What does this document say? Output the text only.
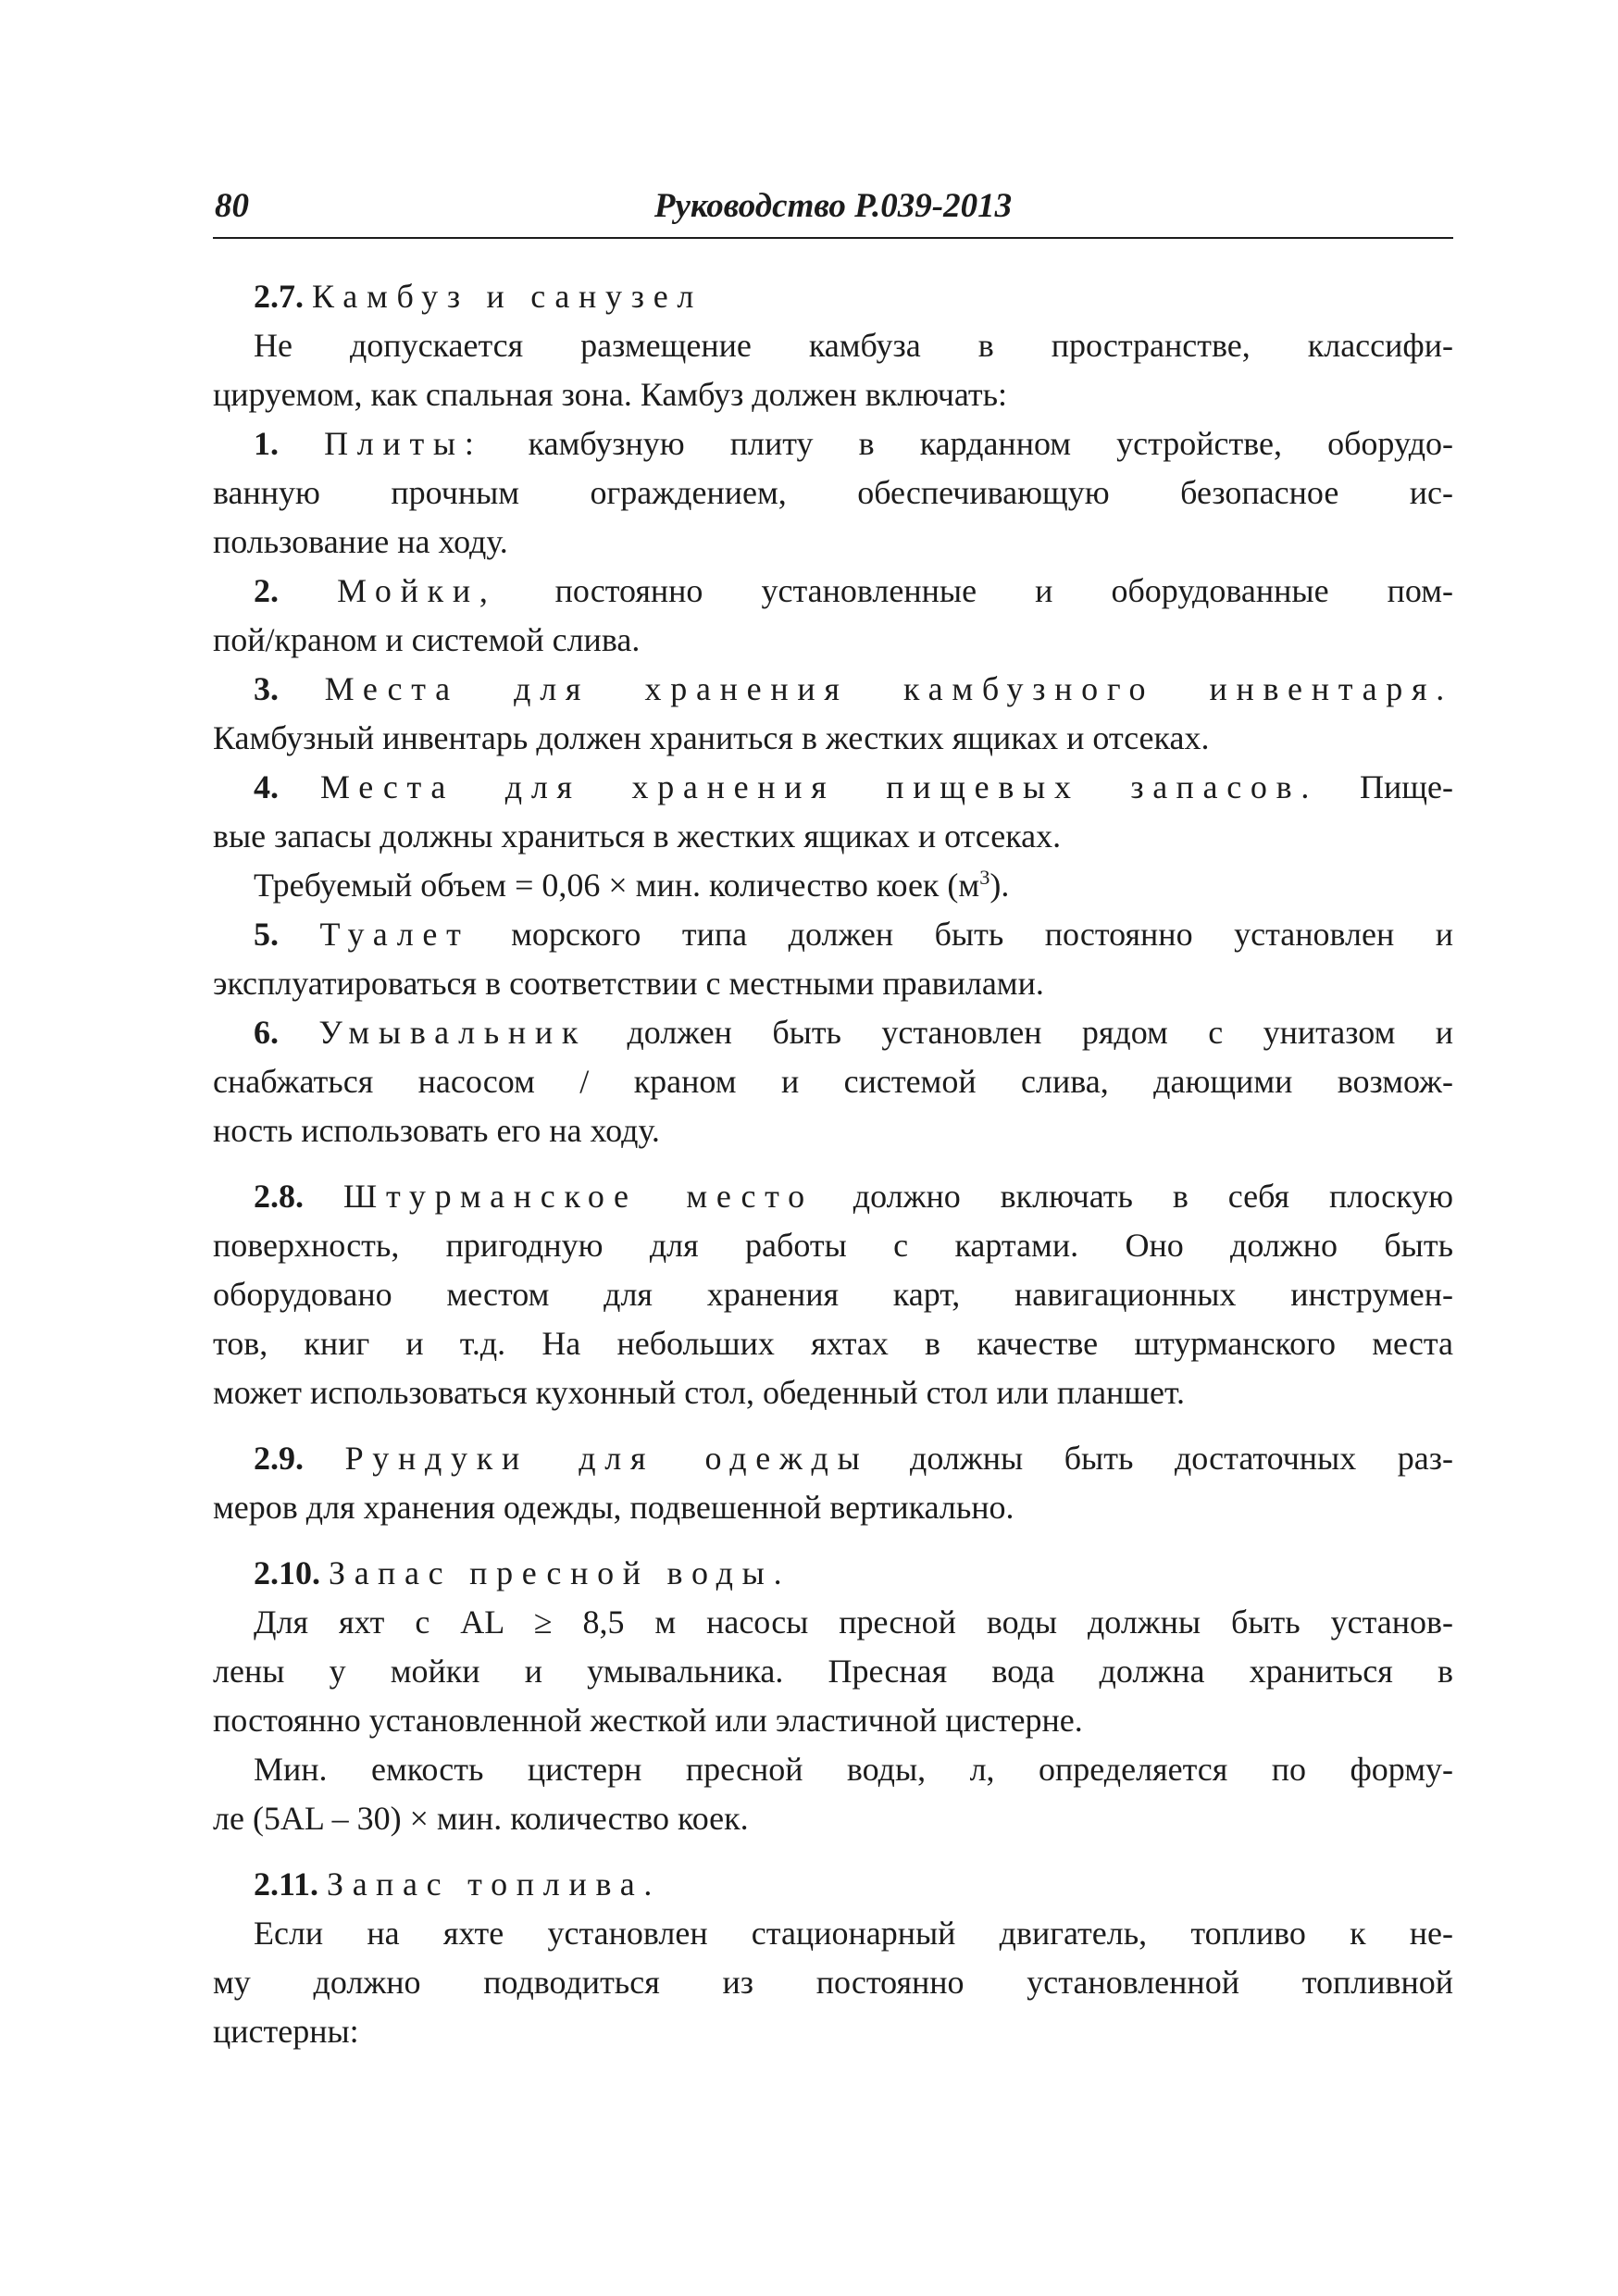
80	Руководство Р.039-2013
2.7. Камбуз и санузел
Не допускается размещение камбуза в пространстве, классифи-
цируемом, как спальная зона. Камбуз должен включать:
1. Плиты: камбузную плиту в карданном устройстве, оборудо-
ванную прочным ограждением, обеспечивающую безопасное ис-
пользование на ходу.
2. Мойки, постоянно установленные и оборудованные пом-
пой/краном и системой слива.
3. Места для хранения камбузного инвентаря.
Камбузный инвентарь должен храниться в жестких ящиках и отсеках.
4. Места для хранения пищевых запасов. Пище-
вые запасы должны храниться в жестких ящиках и отсеках.
Требуемый объем = 0,06 × мин. количество коек $(м^3)$.
5. Туалет морского типа должен быть постоянно установлен и
эксплуатироваться в соответствии с местными правилами.
6. Умывальник должен быть установлен рядом с унитазом и
снабжаться насосом / краном и системой слива, дающими возмож-
ность использовать его на ходу.
2.8. Штурманское место должно включать в себя плоскую
поверхность, пригодную для работы с картами. Оно должно быть
оборудовано местом для хранения карт, навигационных инструмен-
тов, книг и т.д. На небольших яхтах в качестве штурманского места
может использоваться кухонный стол, обеденный стол или планшет.
2.9. Рундуки для одежды должны быть достаточных раз-
меров для хранения одежды, подвешенной вертикально.
2.10. Запас пресной воды.
Для яхт с AL ≥ 8,5 м насосы пресной воды должны быть установ-
лены у мойки и умывальника. Пресная вода должна храниться в
постоянно установленной жесткой или эластичной цистерне.
Мин. емкость цистерн пресной воды, л, определяется по форму-
ле (5AL – 30) × мин. количество коек.
2.11. Запас топлива.
Если на яхте установлен стационарный двигатель, топливо к не-
му должно подводиться из постоянно установленной топливной
цистерны:
